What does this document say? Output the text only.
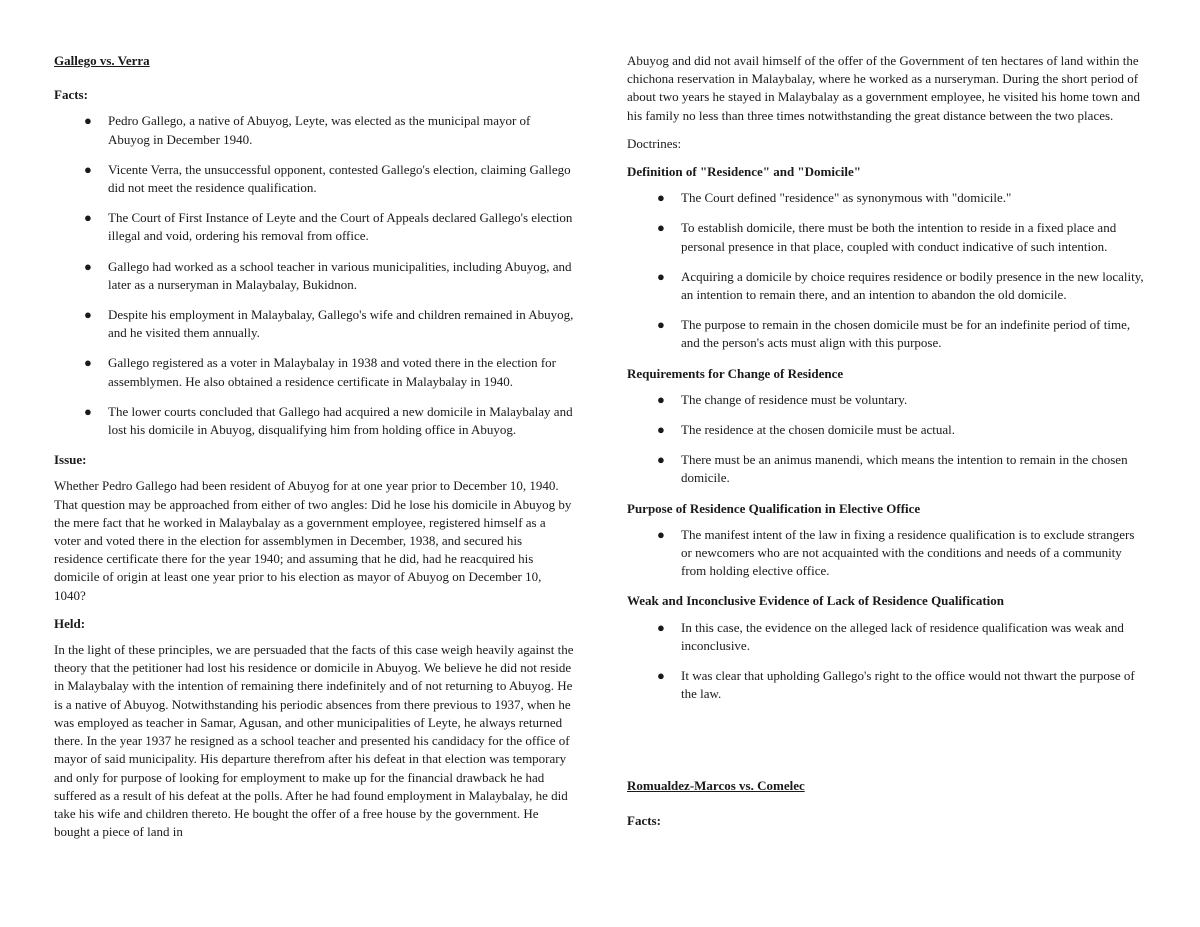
Gallego vs. Verra

Facts:

● Pedro Gallego, a native of Abuyog, Leyte, was elected as the municipal mayor of Abuyog in December 1940.
● Vicente Verra, the unsuccessful opponent, contested Gallego's election, claiming Gallego did not meet the residence qualification.
● The Court of First Instance of Leyte and the Court of Appeals declared Gallego's election illegal and void, ordering his removal from office.
● Gallego had worked as a school teacher in various municipalities, including Abuyog, and later as a nurseryman in Malaybalay, Bukidnon.
● Despite his employment in Malaybalay, Gallego's wife and children remained in Abuyog, and he visited them annually.
● Gallego registered as a voter in Malaybalay in 1938 and voted there in the election for assemblymen. He also obtained a residence certificate in Malaybalay in 1940.
● The lower courts concluded that Gallego had acquired a new domicile in Malaybalay and lost his domicile in Abuyog, disqualifying him from holding office in Abuyog.

Issue:

Whether Pedro Gallego had been resident of Abuyog for at one year prior to December 10, 1940. That question may be approached from either of two angles: Did he lose his domicile in Abuyog by the mere fact that he worked in Malaybalay as a government employee, registered himself as a voter and voted there in the election for assemblymen in December, 1938, and secured his residence certificate there for the year 1940; and assuming that he did, had he reacquired his domicile of origin at least one year prior to his election as mayor of Abuyog on December 10, 1040?

Held:

In the light of these principles, we are persuaded that the facts of this case weigh heavily against the theory that the petitioner had lost his residence or domicile in Abuyog. We believe he did not reside in Malaybalay with the intention of remaining there indefinitely and of not returning to Abuyog. He is a native of Abuyog. Notwithstanding his periodic absences from there previous to 1937, when he was employed as teacher in Samar, Agusan, and other municipalities of Leyte, he always returned there. In the year 1937 he resigned as a school teacher and presented his candidacy for the office of mayor of said municipality. His departure therefrom after his defeat in that election was temporary and only for purpose of looking for employment to make up for the financial drawback he had suffered as a result of his defeat at the polls. After he had found employment in Malaybalay, he did take his wife and children thereto. He bought the offer of a free house by the government. He bought a piece of land in

Abuyog and did not avail himself of the offer of the Government of ten hectares of land within the chichona reservation in Malaybalay, where he worked as a nurseryman. During the short period of about two years he stayed in Malaybalay as a government employee, he visited his home town and his family no less than three times notwithstanding the great distance between the two places.

Doctrines:

Definition of "Residence" and "Domicile"

● The Court defined "residence" as synonymous with "domicile."
● To establish domicile, there must be both the intention to reside in a fixed place and personal presence in that place, coupled with conduct indicative of such intention.
● Acquiring a domicile by choice requires residence or bodily presence in the new locality, an intention to remain there, and an intention to abandon the old domicile.
● The purpose to remain in the chosen domicile must be for an indefinite period of time, and the person's acts must align with this purpose.

Requirements for Change of Residence

● The change of residence must be voluntary.
● The residence at the chosen domicile must be actual.
● There must be an animus manendi, which means the intention to remain in the chosen domicile.

Purpose of Residence Qualification in Elective Office

● The manifest intent of the law in fixing a residence qualification is to exclude strangers or newcomers who are not acquainted with the conditions and needs of a community from holding elective office.

Weak and Inconclusive Evidence of Lack of Residence Qualification

● In this case, the evidence on the alleged lack of residence qualification was weak and inconclusive.
● It was clear that upholding Gallego's right to the office would not thwart the purpose of the law.

Romualdez-Marcos vs. Comelec

Facts:
